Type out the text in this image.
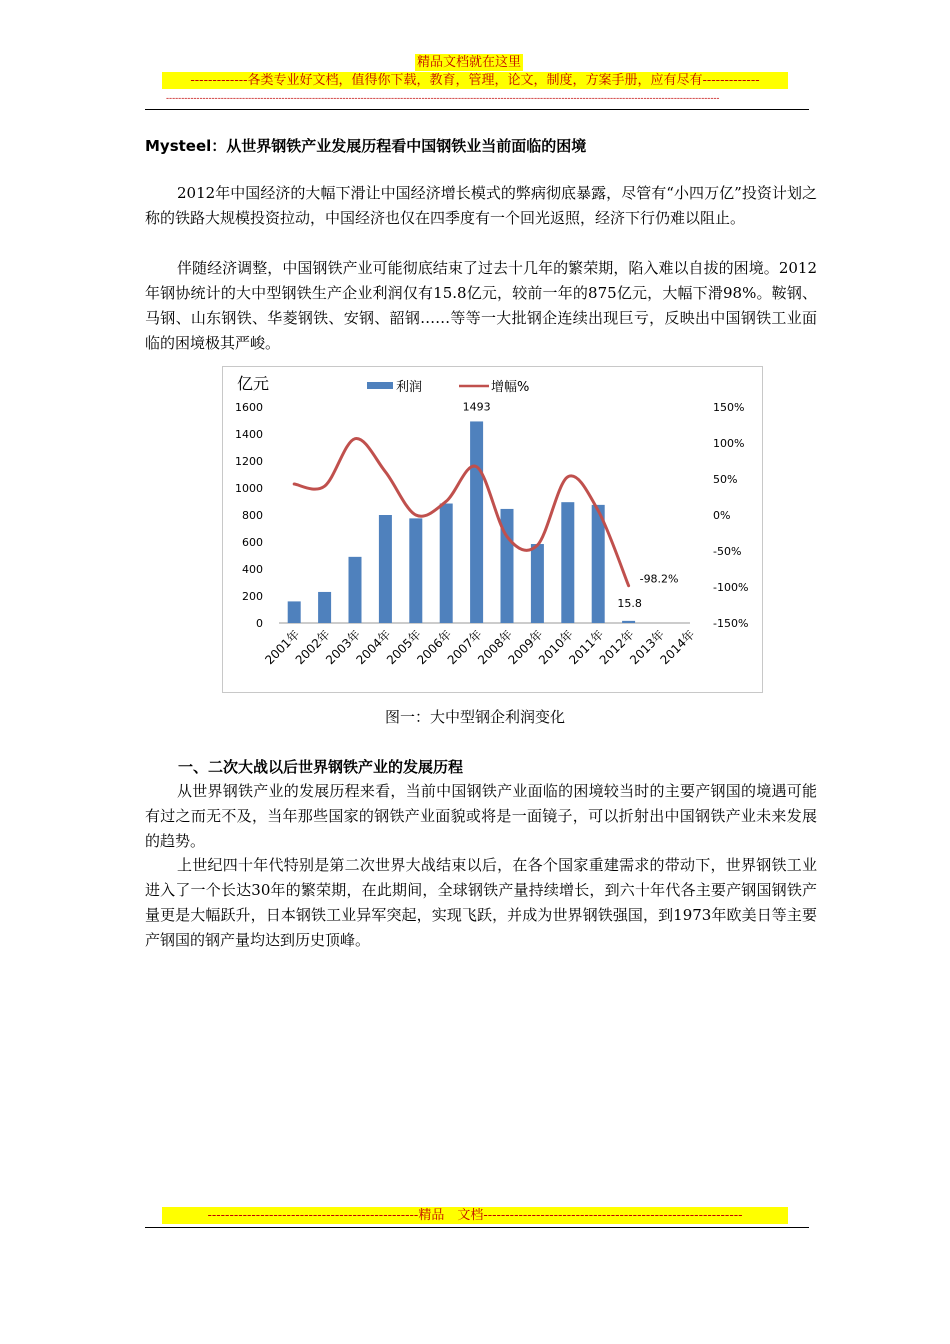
精品文档就在这里
-------------各类专业好文档，值得你下载，教育，管理，论文，制度，方案手册，应有尽有-------------
--------------------------------------------------------------------------------------------------------------------------------------------------------------------------------------
Mysteel：从世界钢铁产业发展历程看中国钢铁业当前面临的困境

2012年中国经济的大幅下滑让中国经济增长模式的弊病彻底暴露，尽管有“小四万亿”投资计划之称的铁路大规模投资拉动，中国经济也仅在四季度有一个回光返照，经济下行仍难以阻止。

伴随经济调整，中国钢铁产业可能彻底结束了过去十几年的繁荣期，陷入难以自拔的困境。2012年钢协统计的大中型钢铁生产企业利润仅有15.8亿元，较前一年的875亿元，大幅下滑98%。鞍钢、马钢、山东钢铁、华菱钢铁、安钢、韶钢……等等一大批钢企连续出现巨亏，反映出中国钢铁工业面临的困境极其严峻。

亿元	利润	增幅%
0
200
400
600
800
1000
1200
1400
1600
-150%
-100%
-50%
0%
50%
100%
150%
2001年
2002年
2003年
2004年
2005年
2006年
2007年
2008年
2009年
2010年
2011年
2012年
2013年
2014年
1493
15.8
-98.2%
图一：大中型钢企利润变化
一、二次大战以后世界钢铁产业的发展历程

从世界钢铁产业的发展历程来看，当前中国钢铁产业面临的困境较当时的主要产钢国的境遇可能有过之而无不及，当年那些国家的钢铁产业面貌或将是一面镜子，可以折射出中国钢铁产业未来发展的趋势。

上世纪四十年代特别是第二次世界大战结束以后，在各个国家重建需求的带动下，世界钢铁工业进入了一个长达30年的繁荣期，在此期间，全球钢铁产量持续增长，到六十年代各主要产钢国钢铁产量更是大幅跃升，日本钢铁工业异军突起，实现飞跃，并成为世界钢铁强国，到1973年欧美日等主要产钢国的钢产量均达到历史顶峰。

------------------------------------------------精品　文档-----------------------------------------------------------
